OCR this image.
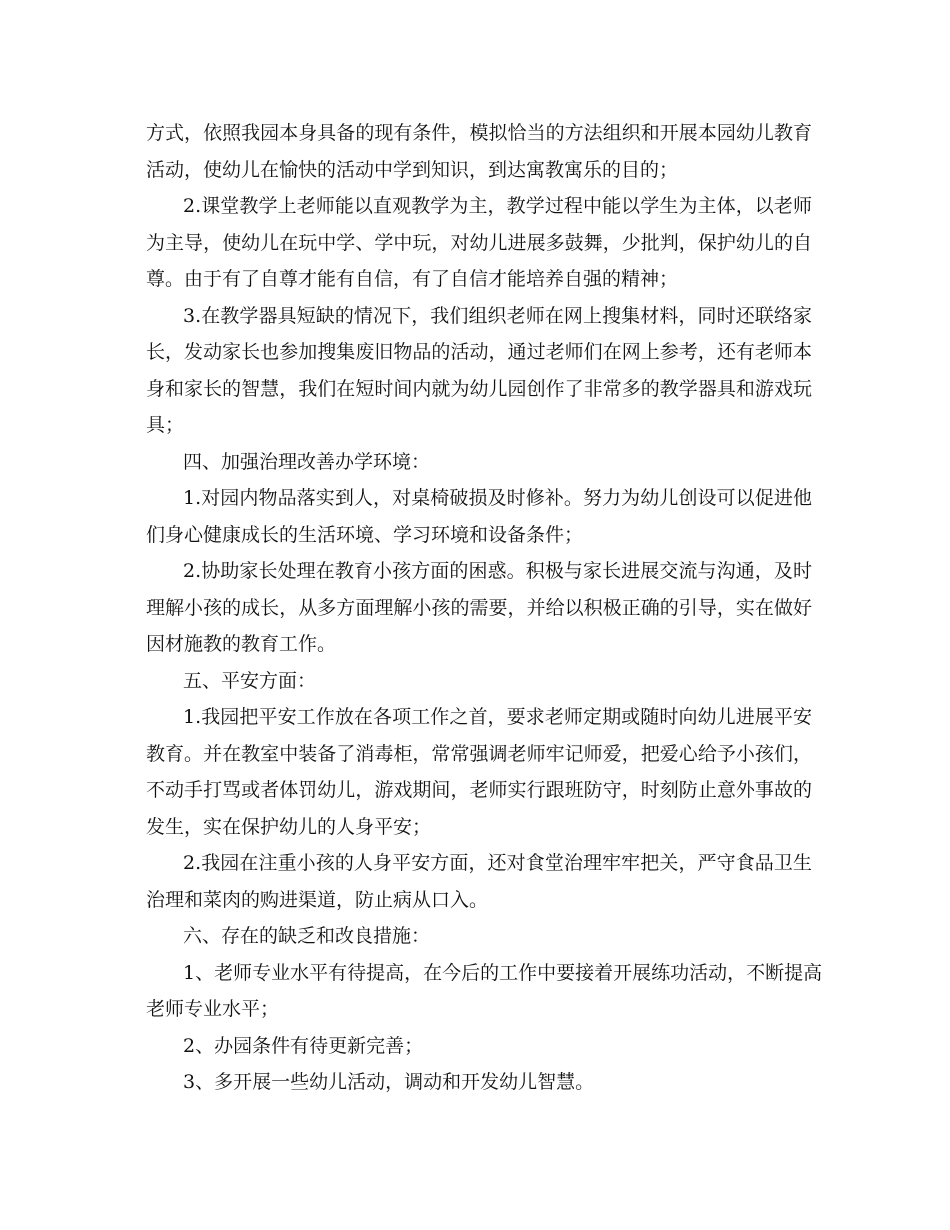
方式，依照我园本身具备的现有条件，模拟恰当的方法组织和开展本园幼儿教育
活动，使幼儿在愉快的活动中学到知识，到达寓教寓乐的目的；
2.课堂教学上老师能以直观教学为主，教学过程中能以学生为主体，以老师
为主导，使幼儿在玩中学、学中玩，对幼儿进展多鼓舞，少批判，保护幼儿的自
尊。由于有了自尊才能有自信，有了自信才能培养自强的精神；
3.在教学器具短缺的情况下，我们组织老师在网上搜集材料，同时还联络家
长，发动家长也参加搜集废旧物品的活动，通过老师们在网上参考，还有老师本
身和家长的智慧，我们在短时间内就为幼儿园创作了非常多的教学器具和游戏玩
具；
四、加强治理改善办学环境：
1.对园内物品落实到人，对桌椅破损及时修补。努力为幼儿创设可以促进他
们身心健康成长的生活环境、学习环境和设备条件；
2.协助家长处理在教育小孩方面的困惑。积极与家长进展交流与沟通，及时
理解小孩的成长，从多方面理解小孩的需要，并给以积极正确的引导，实在做好
因材施教的教育工作。
五、平安方面：
1.我园把平安工作放在各项工作之首，要求老师定期或随时向幼儿进展平安
教育。并在教室中装备了消毒柜，常常强调老师牢记师爱，把爱心给予小孩们，
不动手打骂或者体罚幼儿，游戏期间，老师实行跟班防守，时刻防止意外事故的
发生，实在保护幼儿的人身平安；
2.我园在注重小孩的人身平安方面，还对食堂治理牢牢把关，严守食品卫生
治理和菜肉的购进渠道，防止病从口入。
六、存在的缺乏和改良措施：
1、老师专业水平有待提高，在今后的工作中要接着开展练功活动，不断提高
老师专业水平；
2、办园条件有待更新完善；
3、多开展一些幼儿活动，调动和开发幼儿智慧。
